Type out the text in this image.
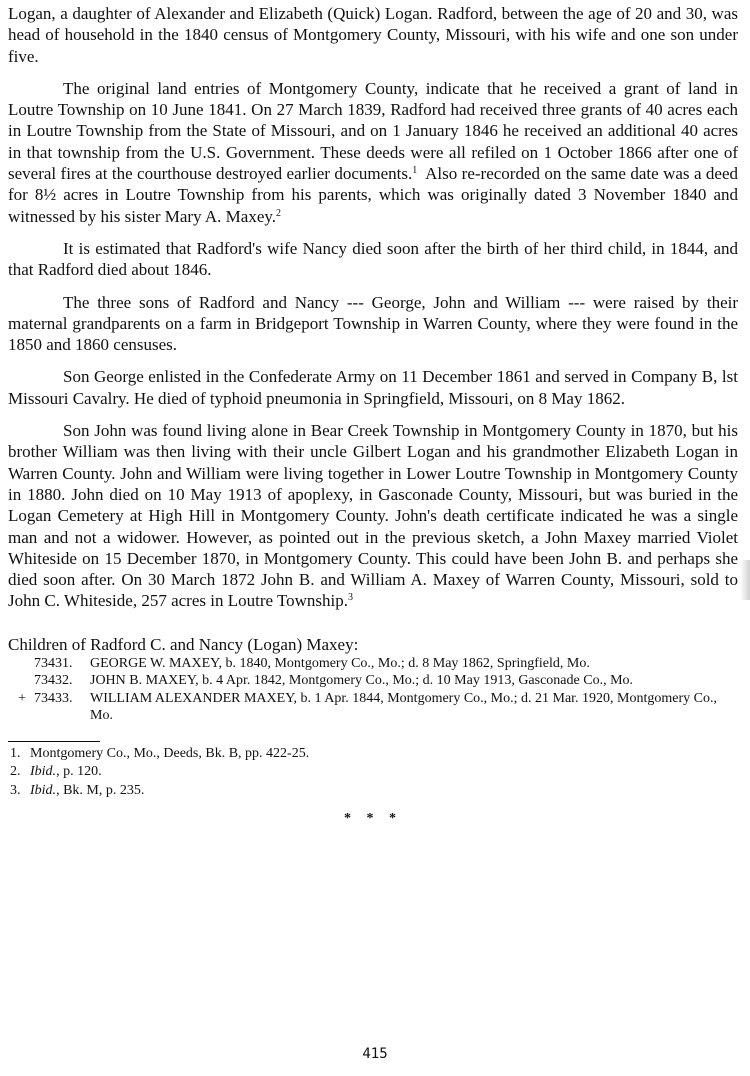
Logan, a daughter of Alexander and Elizabeth (Quick) Logan. Radford, between the age of 20 and 30, was head of household in the 1840 census of Montgomery County, Missouri, with his wife and one son under five.

The original land entries of Montgomery County, indicate that he received a grant of land in Loutre Township on 10 June 1841. On 27 March 1839, Radford had received three grants of 40 acres each in Loutre Township from the State of Missouri, and on 1 January 1846 he received an additional 40 acres in that township from the U.S. Government. These deeds were all refiled on 1 October 1866 after one of several fires at the courthouse destroyed earlier documents.$^1$ Also re-recorded on the same date was a deed for 8½ acres in Loutre Township from his parents, which was originally dated 3 November 1840 and witnessed by his sister Mary A. Maxey.$^2$

It is estimated that Radford's wife Nancy died soon after the birth of her third child, in 1844, and that Radford died about 1846.

The three sons of Radford and Nancy --- George, John and William --- were raised by their maternal grandparents on a farm in Bridgeport Township in Warren County, where they were found in the 1850 and 1860 censuses.

Son George enlisted in the Confederate Army on 11 December 1861 and served in Company B, lst Missouri Cavalry. He died of typhoid pneumonia in Springfield, Missouri, on 8 May 1862.

Son John was found living alone in Bear Creek Township in Montgomery County in 1870, but his brother William was then living with their uncle Gilbert Logan and his grandmother Elizabeth Logan in Warren County. John and William were living together in Lower Loutre Township in Montgomery County in 1880. John died on 10 May 1913 of apoplexy, in Gasconade County, Missouri, but was buried in the Logan Cemetery at High Hill in Montgomery County. John's death certificate indicated he was a single man and not a widower. However, as pointed out in the previous sketch, a John Maxey married Violet Whiteside on 15 December 1870, in Montgomery County. This could have been John B. and perhaps she died soon after. On 30 March 1872 John B. and William A. Maxey of Warren County, Missouri, sold to John C. Whiteside, 257 acres in Loutre Township.$^3$

Children of Radford C. and Nancy (Logan) Maxey:

73431.	GEORGE W. MAXEY, b. 1840, Montgomery Co., Mo.; d. 8 May 1862, Springfield, Mo.
73432.	JOHN B. MAXEY, b. 4 Apr. 1842, Montgomery Co., Mo.; d. 10 May 1913, Gasconade Co., Mo.
+ 73433.	WILLIAM ALEXANDER MAXEY, b. 1 Apr. 1844, Montgomery Co., Mo.; d. 21 Mar. 1920, Montgomery Co., Mo.

1. Montgomery Co., Mo., Deeds, Bk. B, pp. 422-25.

2. Ibid., p. 120.

3. Ibid., Bk. M, p. 235.

* * *
415
